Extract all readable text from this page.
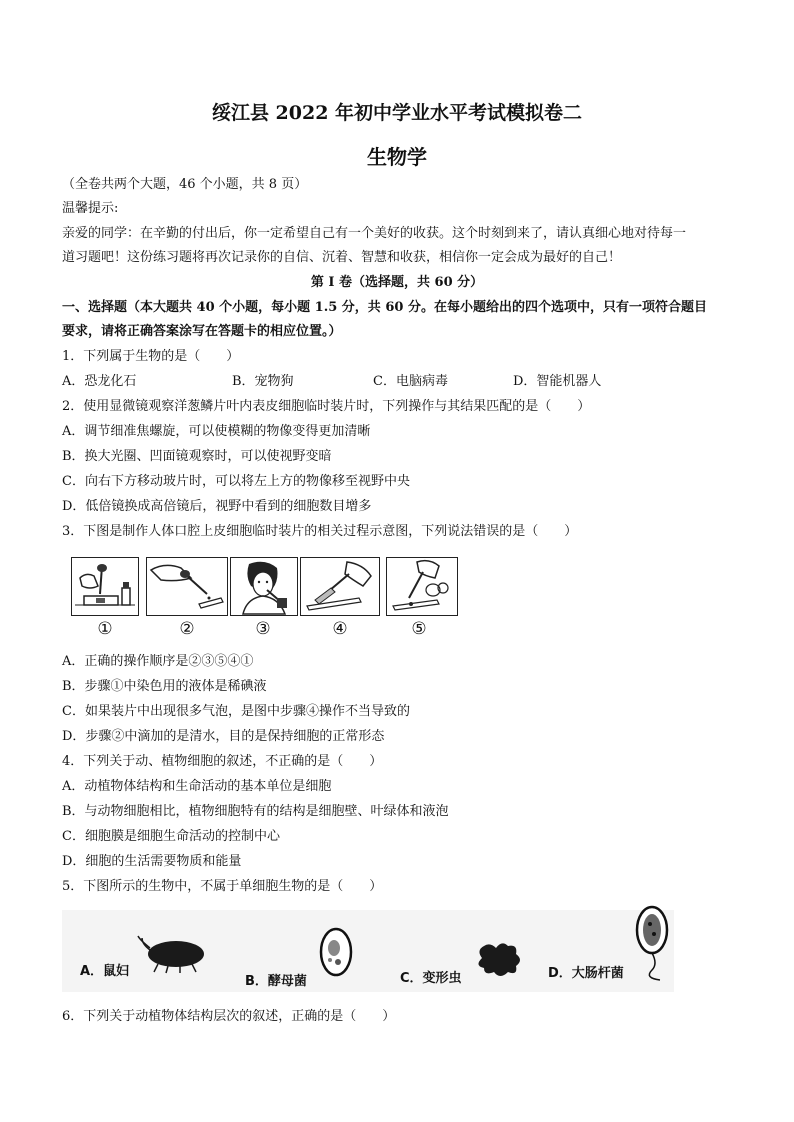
绥江县 2022 年初中学业水平考试模拟卷二
生物学
（全卷共两个大题，46 个小题，共 8 页）
温馨提示:
亲爱的同学：在辛勤的付出后，你一定希望自己有一个美好的收获。这个时刻到来了，请认真细心地对待每一
道习题吧！这份练习题将再次记录你的自信、沉着、智慧和收获，相信你一定会成为最好的自己！
第 I 卷（选择题，共 60 分）
一、选择题（本大题共 40 个小题，每小题 1.5 分，共 60 分。在每小题给出的四个选项中，只有一项符合题目
要求，请将正确答案涂写在答题卡的相应位置。）
1．下列属于生物的是（　　）
A．恐龙化石	B．宠物狗	C．电脑病毒	D．智能机器人
2．使用显微镜观察洋葱鳞片叶内表皮细胞临时装片时，下列操作与其结果匹配的是（　　）
A．调节细准焦螺旋，可以使模糊的物像变得更加清晰
B．换大光圈、凹面镜观察时，可以使视野变暗
C．向右下方移动玻片时，可以将左上方的物像移至视野中央
D．低倍镜换成高倍镜后，视野中看到的细胞数目增多
3．下图是制作人体口腔上皮细胞临时装片的相关过程示意图，下列说法错误的是（　　）
①	②	③	④	⑤
A．正确的操作顺序是②③⑤④①
B．步骤①中染色用的液体是稀碘液
C．如果装片中出现很多气泡，是图中步骤④操作不当导致的
D．步骤②中滴加的是清水，目的是保持细胞的正常形态
4．下列关于动、植物细胞的叙述，不正确的是（　　）
A．动植物体结构和生命活动的基本单位是细胞
B．与动物细胞相比，植物细胞特有的结构是细胞壁、叶绿体和液泡
C．细胞膜是细胞生命活动的控制中心
D．细胞的生活需要物质和能量
5．下图所示的生物中，不属于单细胞生物的是（　　）
A．鼠妇
B．酵母菌	C．变形虫	D．大肠杆菌
6．下列关于动植物体结构层次的叙述，正确的是（　　）
